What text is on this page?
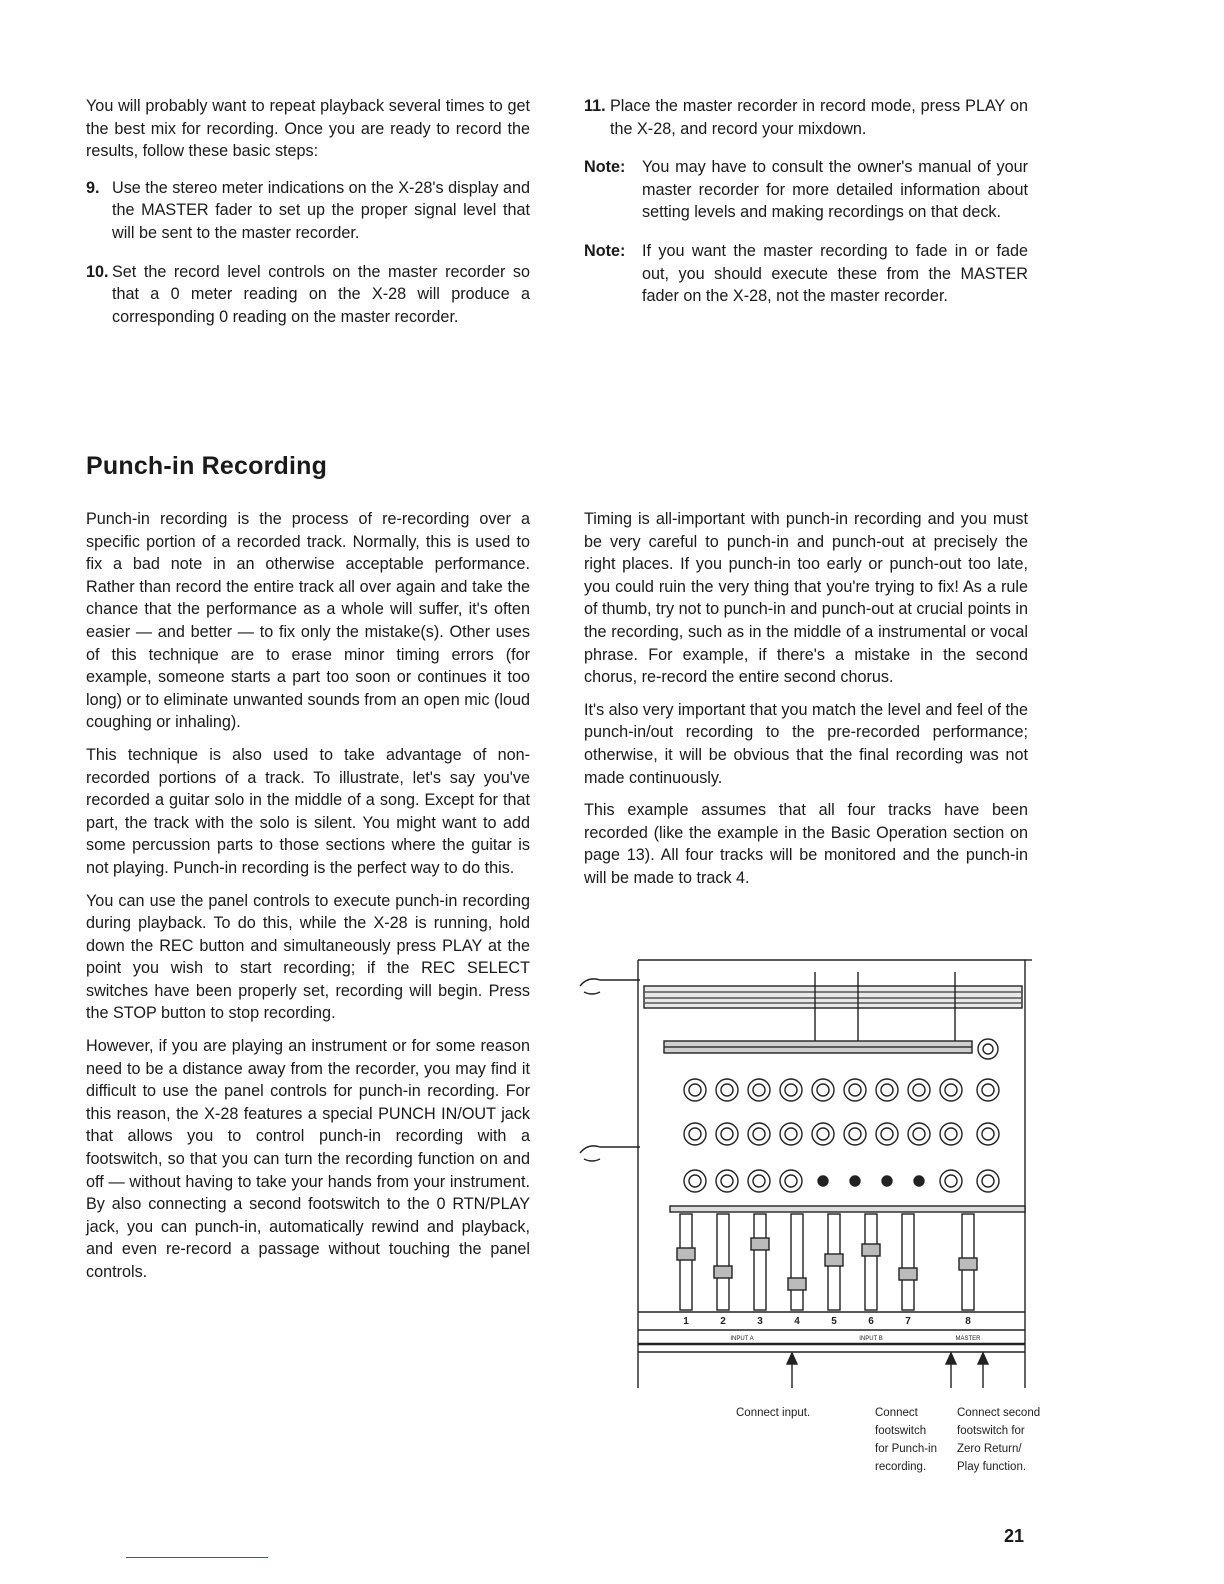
You will probably want to repeat playback several times to get the best mix for recording. Once you are ready to record the results, follow these basic steps:

9. Use the stereo meter indications on the X-28's display and the MASTER fader to set up the proper signal level that will be sent to the master recorder.
10. Set the record level controls on the master recorder so that a 0 meter reading on the X-28 will produce a corresponding 0 reading on the master recorder.
11. Place the master recorder in record mode, press PLAY on the X-28, and record your mixdown.
Note:	You may have to consult the owner's manual of your master recorder for more detailed information about setting levels and making recordings on that deck.
Note:	If you want the master recording to fade in or fade out, you should execute these from the MASTER fader on the X-28, not the master recorder.
Punch-in Recording

Punch-in recording is the process of re-recording over a specific portion of a recorded track. Normally, this is used to fix a bad note in an otherwise acceptable performance. Rather than record the entire track all over again and take the chance that the performance as a whole will suffer, it's often easier — and better — to fix only the mistake(s). Other uses of this technique are to erase minor timing errors (for example, someone starts a part too soon or continues it too long) or to eliminate unwanted sounds from an open mic (loud coughing or inhaling).

This technique is also used to take advantage of non-recorded portions of a track. To illustrate, let's say you've recorded a guitar solo in the middle of a song. Except for that part, the track with the solo is silent. You might want to add some percussion parts to those sections where the guitar is not playing. Punch-in recording is the perfect way to do this.

You can use the panel controls to execute punch-in recording during playback. To do this, while the X-28 is running, hold down the REC button and simultaneously press PLAY at the point you wish to start recording; if the REC SELECT switches have been properly set, recording will begin. Press the STOP button to stop recording.

However, if you are playing an instrument or for some reason need to be a distance away from the recorder, you may find it difficult to use the panel controls for punch-in recording. For this reason, the X-28 features a special PUNCH IN/OUT jack that allows you to control punch-in recording with a footswitch, so that you can turn the recording function on and off — without having to take your hands from your instrument. By also connecting a second footswitch to the 0 RTN/PLAY jack, you can punch-in, automatically rewind and playback, and even re-record a passage without touching the panel controls.

Timing is all-important with punch-in recording and you must be very careful to punch-in and punch-out at precisely the right places. If you punch-in too early or punch-out too late, you could ruin the very thing that you're trying to fix! As a rule of thumb, try not to punch-in and punch-out at crucial points in the recording, such as in the middle of a instrumental or vocal phrase. For example, if there's a mistake in the second chorus, re-record the entire second chorus.

It's also very important that you match the level and feel of the punch-in/out recording to the pre-recorded performance; otherwise, it will be obvious that the final recording was not made continuously.

This example assumes that all four tracks have been recorded (like the example in the Basic Operation section on page 13). All four tracks will be monitored and the punch-in will be made to track 4.

1	2	3	4	5	6	7	8
INPUT A	INPUT B	MASTER
Connect input.	Connect
footswitch
for Punch-in
recording.
Connect second
footswitch for
Zero Return/
Play function.
21
